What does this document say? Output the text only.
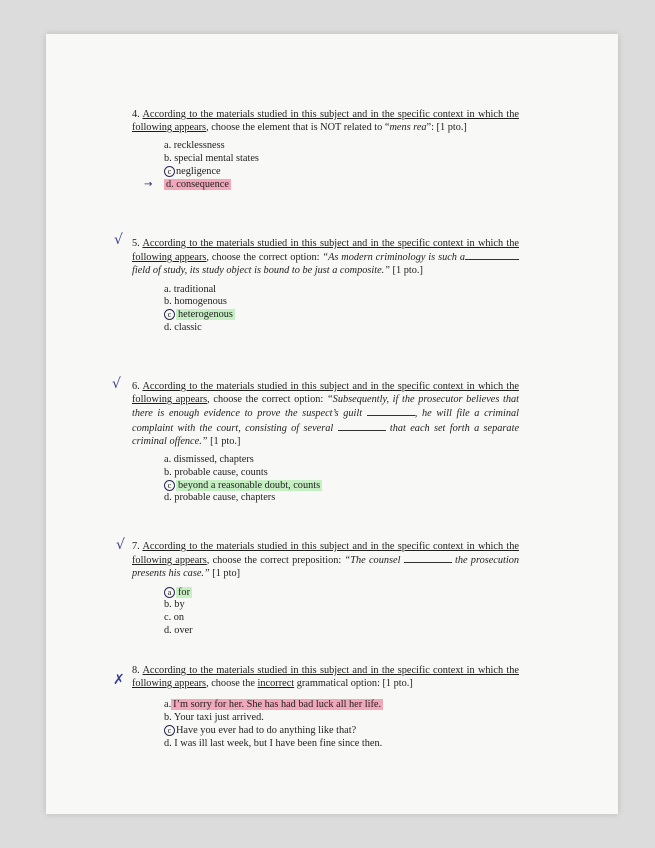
4. According to the materials studied in this subject and in the specific context in which the following appears, choose the element that is NOT related to “mens rea”: [1 pto.]

a. recklessness
b. special mental states
c negligence
→ d. consequence
√ 5. According to the materials studied in this subject and in the specific context in which the following appears, choose the correct option: “As modern criminology is such afield of study, its study object is bound to be just a composite.” [1 pto.]

a. traditional
b. homogenous
c heterogenous
d. classic
√ 6. According to the materials studied in this subject and in the specific context in which the following appears, choose the correct option: “Subsequently, if the prosecutor believes that there is enough evidence to prove the suspect’s guilt	, he will file a criminal complaint with the court, consisting of several	that each set forth a separate criminal offence.” [1 pto.]

a. dismissed, chapters
b. probable cause, counts
c beyond a reasonable doubt, counts
d. probable cause, chapters
√ 7. According to the materials studied in this subject and in the specific context in which the following appears, choose the correct preposition: “The counsel	the prosecution presents his case.” [1 pto]

a for
b. by
c. on
d. over
✗

8. According to the materials studied in this subject and in the specific context in which the following appears, choose the incorrect grammatical option: [1 pto.]

a. I’m sorry for her. She has had bad luck all her life.
b. Your taxi just arrived.
c Have you ever had to do anything like that?
d. I was ill last week, but I have been fine since then.
